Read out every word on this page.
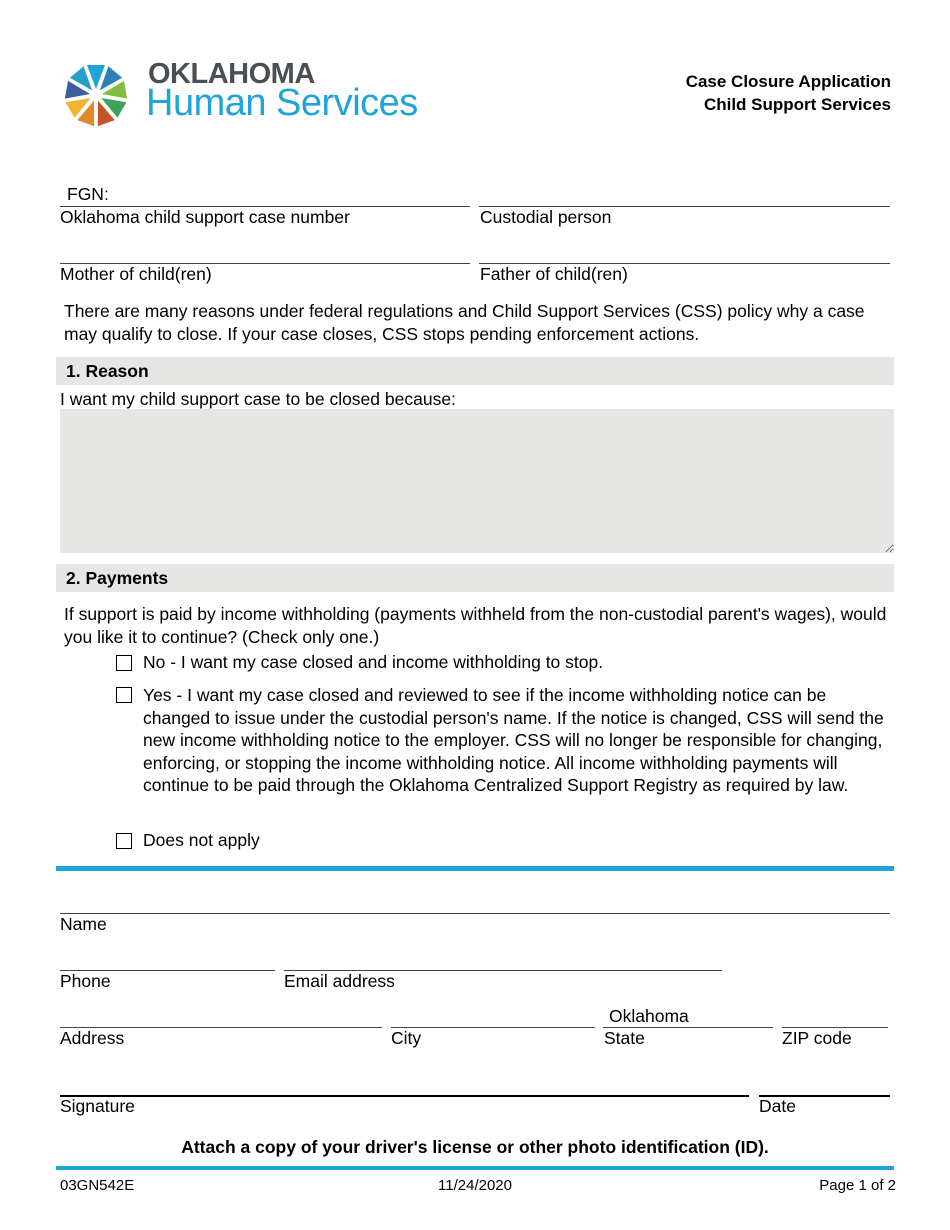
OKLAHOMA
Human Services
Case Closure Application
Child Support Services
FGN:
Oklahoma child support case number	Custodial person
Mother of child(ren)	Father of child(ren)
There are many reasons under federal regulations and Child Support Services (CSS) policy why a case may qualify to close. If your case closes, CSS stops pending enforcement actions.
1. Reason
I want my child support case to be closed because:
2. Payments
If support is paid by income withholding (payments withheld from the non-custodial parent's wages), would you like it to continue? (Check only one.)
No - I want my case closed and income withholding to stop.
Yes - I want my case closed and reviewed to see if the income withholding notice can be changed to issue under the custodial person's name. If the notice is changed, CSS will send the new income withholding notice to the employer. CSS will no longer be responsible for changing, enforcing, or stopping the income withholding notice. All income withholding payments will continue to be paid through the Oklahoma Centralized Support Registry as required by law.
Does not apply
Name
Phone	Email address
Oklahoma
Address	City	State	ZIP code
Signature	Date
Attach a copy of your driver's license or other photo identification (ID).
03GN542E	11/24/2020	Page 1 of 2
